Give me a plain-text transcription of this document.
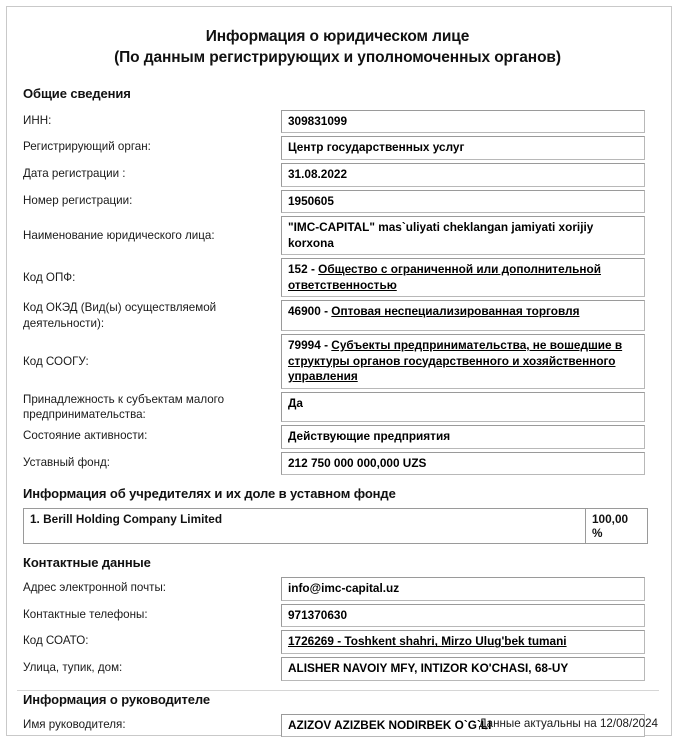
Информация о юридическом лице
(По данным регистрирующих и уполномоченных органов)
Общие сведения
ИНН:	309831099
Регистрирующий орган:	Центр государственных услуг
Дата регистрации :	31.08.2022
Номер регистрации:	1950605
Наименование юридического лица:
"IMC-CAPITAL" mas`uliyati cheklangan jamiyati xorijiy korxona
Код ОПФ:
152 - Общество с ограниченной или дополнительной ответственностью
Код ОКЭД (Вид(ы) осуществляемой деятельности):
46900 - Оптовая неспециализированная торговля
Код СООГУ:
79994 - Субъекты предпринимательства, не вошедшие в структуры органов государственного и хозяйственного управления
Принадлежность к субъектам малого предпринимательства:
Да
Состояние активности:	Действующие предприятия
Уставный фонд:	212 750 000 000,000 UZS
Информация об учредителях и их доле в уставном фонде
1. Berill Holding Company Limited	100,00 %
Контактные данные
Адрес электронной почты:	info@imc-capital.uz
Контактные телефоны:	971370630
Код СОАТО:	1726269 - Toshkent shahri, Mirzo Ulug'bek tumani
Улица, тупик, дом:	ALISHER NAVOIY MFY, INTIZOR KO'CHASI, 68-UY
Информация о руководителе
Имя руководителя:	AZIZOV AZIZBEK NODIRBEK O`G`LI
Данные актуальны на 12/08/2024
